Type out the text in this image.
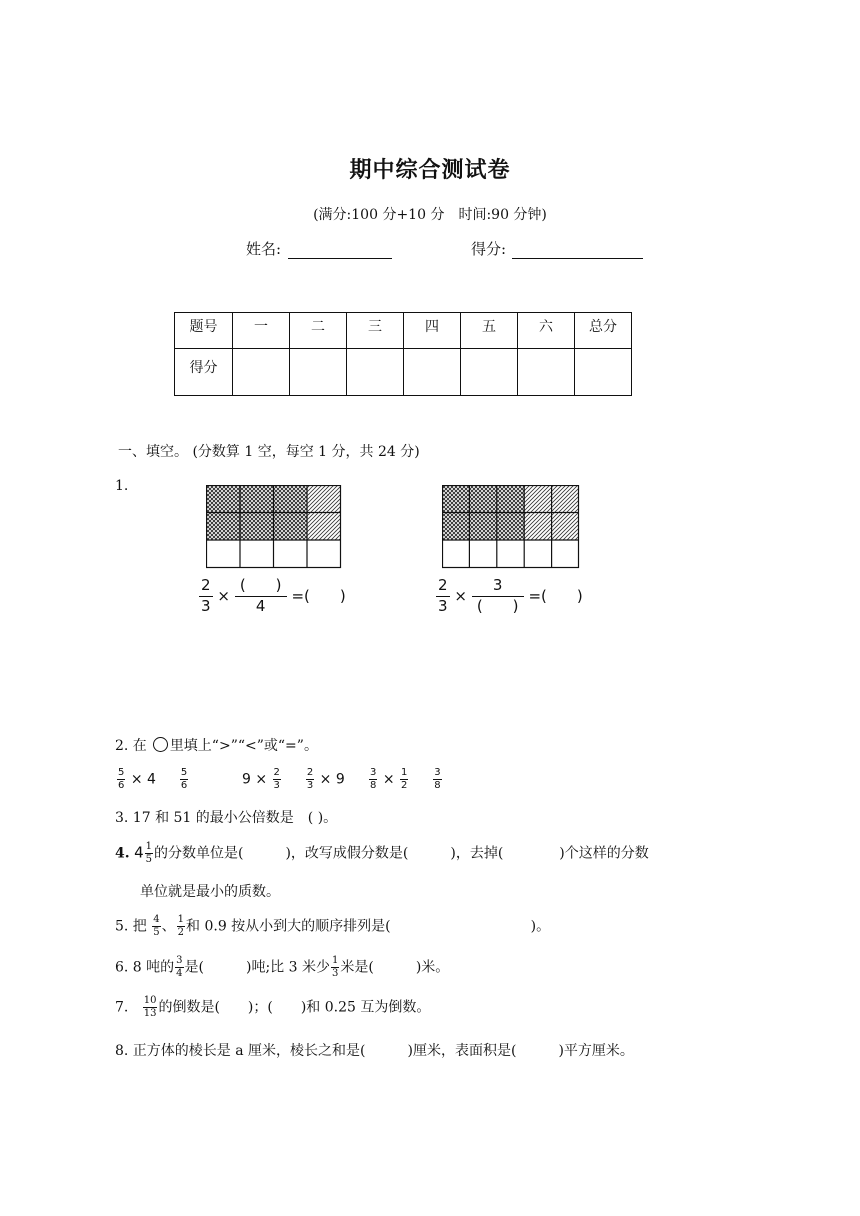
期中综合测试卷
(满分:100 分+10 分　时间:90 分钟)
姓名:	得分:
题号	一	二	三	四	五	六	总分
得分							
一、填空。 (分数算 1 空，每空 1 分，共 24 分)
1.
$\frac{2}{3}$ ×
(　　)
4
=(　　)	$\frac{2}{3}$ ×
3
(　　)
=(　　)
2. 在 里填上“>”“<”或“=”。
$\frac{5}{6} \times 4 \frac{5}{6}$	$9 \times \frac{2}{3}$
$\frac{2}{3} \times 9 \frac{3}{8} \times \frac{1}{2}$
$\frac{3}{8}$
3. 17 和 51 的最小公倍数是　( )。
4. $4 \frac{1}{5}$ 的分数单位是(　　　)，改写成假分数是(　　　)，去掉(　　　　)个这样的分数
单位就是最小的质数。
5. 把 $\frac{4}{5}$ 、 $\frac{1}{2}$ 和 0.9 按从小到大的顺序排列是(　　　　　　　　　　)。
6. 8 吨的 $\frac{3}{4}$ 是(　　　)吨;比 3 米少 $\frac{1}{3}$ 米是(　　　)米。
7. $\frac{10}{13}$ 的倒数是(　　)；(　　)和 0.25 互为倒数。
8. 正方体的棱长是 a 厘米，棱长之和是(　　　)厘米，表面积是(　　　)平方厘米。
